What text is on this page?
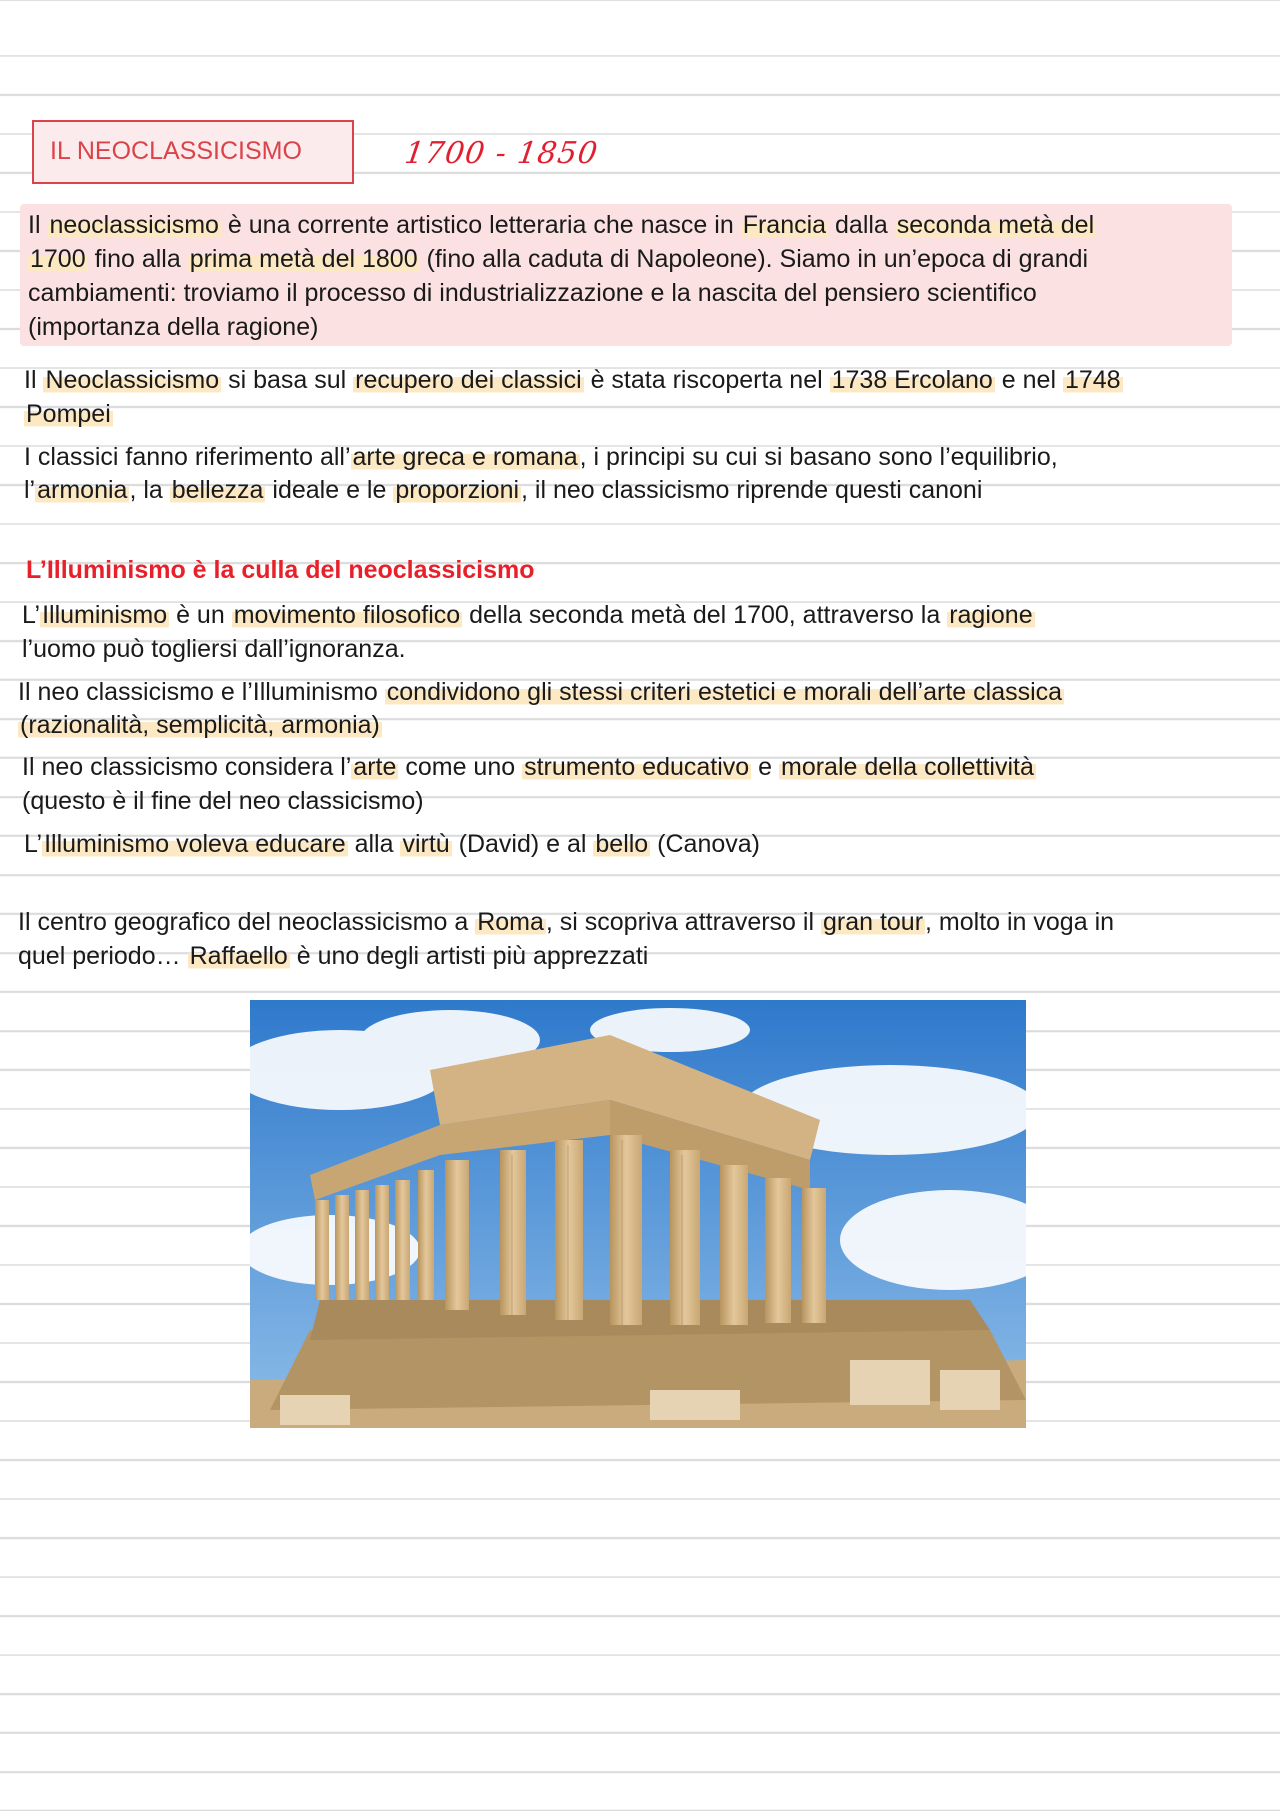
IL NEOCLASSICISMO	1700 - 1850
Il neoclassicismo è una corrente artistico letteraria che nasce in Francia dalla seconda metà del
1700 fino alla prima metà del 1800 (fino alla caduta di Napoleone). Siamo in un’epoca di grandi
cambiamenti: troviamo il processo di industrializzazione e la nascita del pensiero scientifico
(importanza della ragione)
Il Neoclassicismo si basa sul recupero dei classici è stata riscoperta nel 1738 Ercolano e nel 1748
Pompei
I classici fanno riferimento all’arte greca e romana, i principi su cui si basano sono l’equilibrio,
l’armonia, la bellezza ideale e le proporzioni, il neo classicismo riprende questi canoni
L’Illuminismo è la culla del neoclassicismo
L’Illuminismo è un movimento filosofico della seconda metà del 1700, attraverso la ragione
l’uomo può togliersi dall’ignoranza.
Il neo classicismo e l’Illuminismo condividono gli stessi criteri estetici e morali dell’arte classica
(razionalità, semplicità, armonia)
Il neo classicismo considera l’arte come uno strumento educativo e morale della collettività
(questo è il fine del neo classicismo)
L’Illuminismo voleva educare alla virtù (David) e al bello (Canova)
Il centro geografico del neoclassicismo a Roma, si scopriva attraverso il gran tour, molto in voga in
quel periodo… Raffaello è uno degli artisti più apprezzati
